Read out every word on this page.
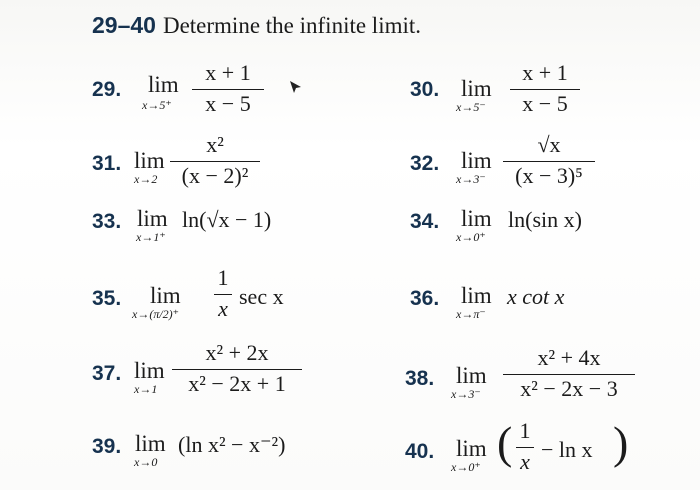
29–40 Determine the infinite limit.
29. lim
x→5⁺
x + 1
x − 5
30. lim
x→5⁻
x + 1
x − 5
31. lim
x→2
x²
(x − 2)²	32. lim
x→3⁻
√x
(x − 3)⁵
33. lim
x→1⁺
ln(√x − 1)	34. lim
x→0⁺
ln(sin x)
35. lim
x→(π/2)⁺
1
x sec x	36. lim
x→π⁻
x cot x
37. lim
x→1
x² + 2x
x² − 2x + 1	38. lim
x→3⁻
x² + 4x
x² − 2x − 3
39. lim
x→0
(ln x² − x⁻²)	40. lim
x→0⁺ ( 1
x − ln x )
